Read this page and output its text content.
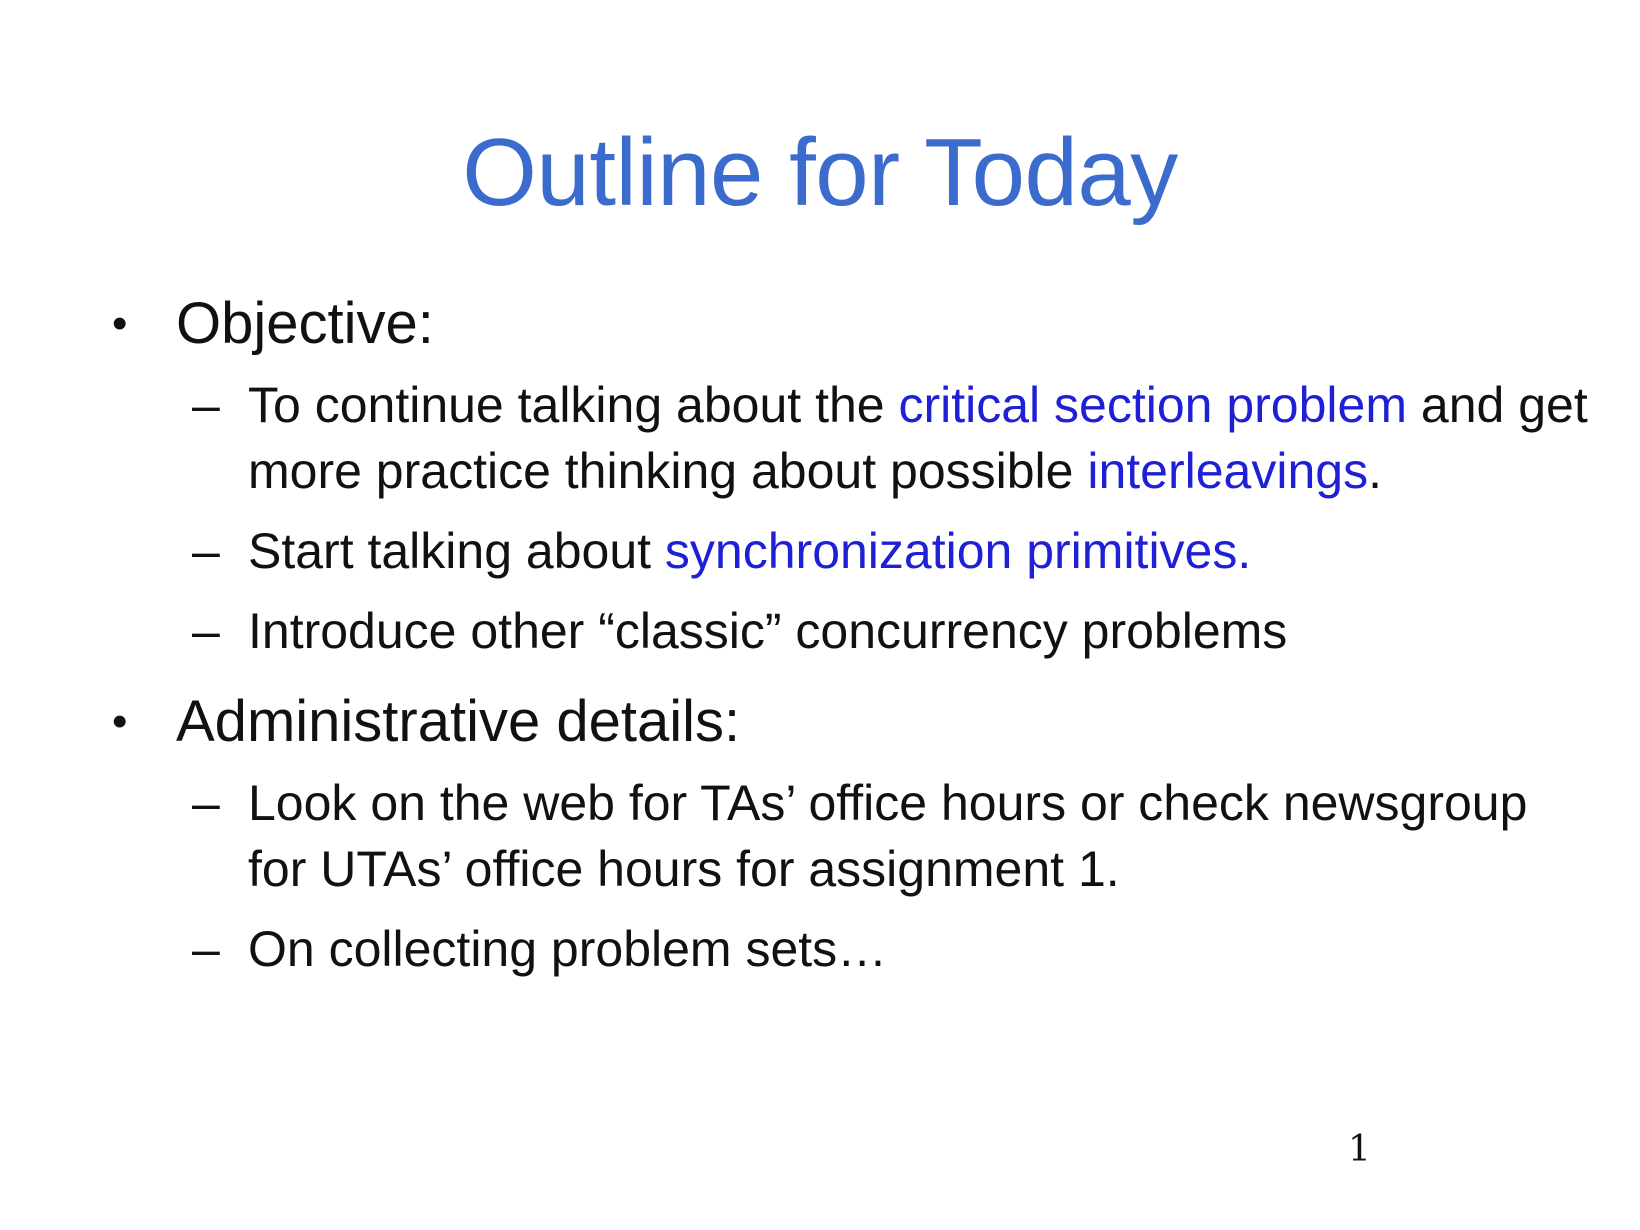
Outline for Today
• Objective:
– To continue talking about the critical section problem and get more practice thinking about possible interleavings.
– Start talking about synchronization primitives.
– Introduce other “classic” concurrency problems
• Administrative details:
– Look on the web for TAs’ office hours or check newsgroup for UTAs’ office hours for assignment 1.
– On collecting problem sets…
1
